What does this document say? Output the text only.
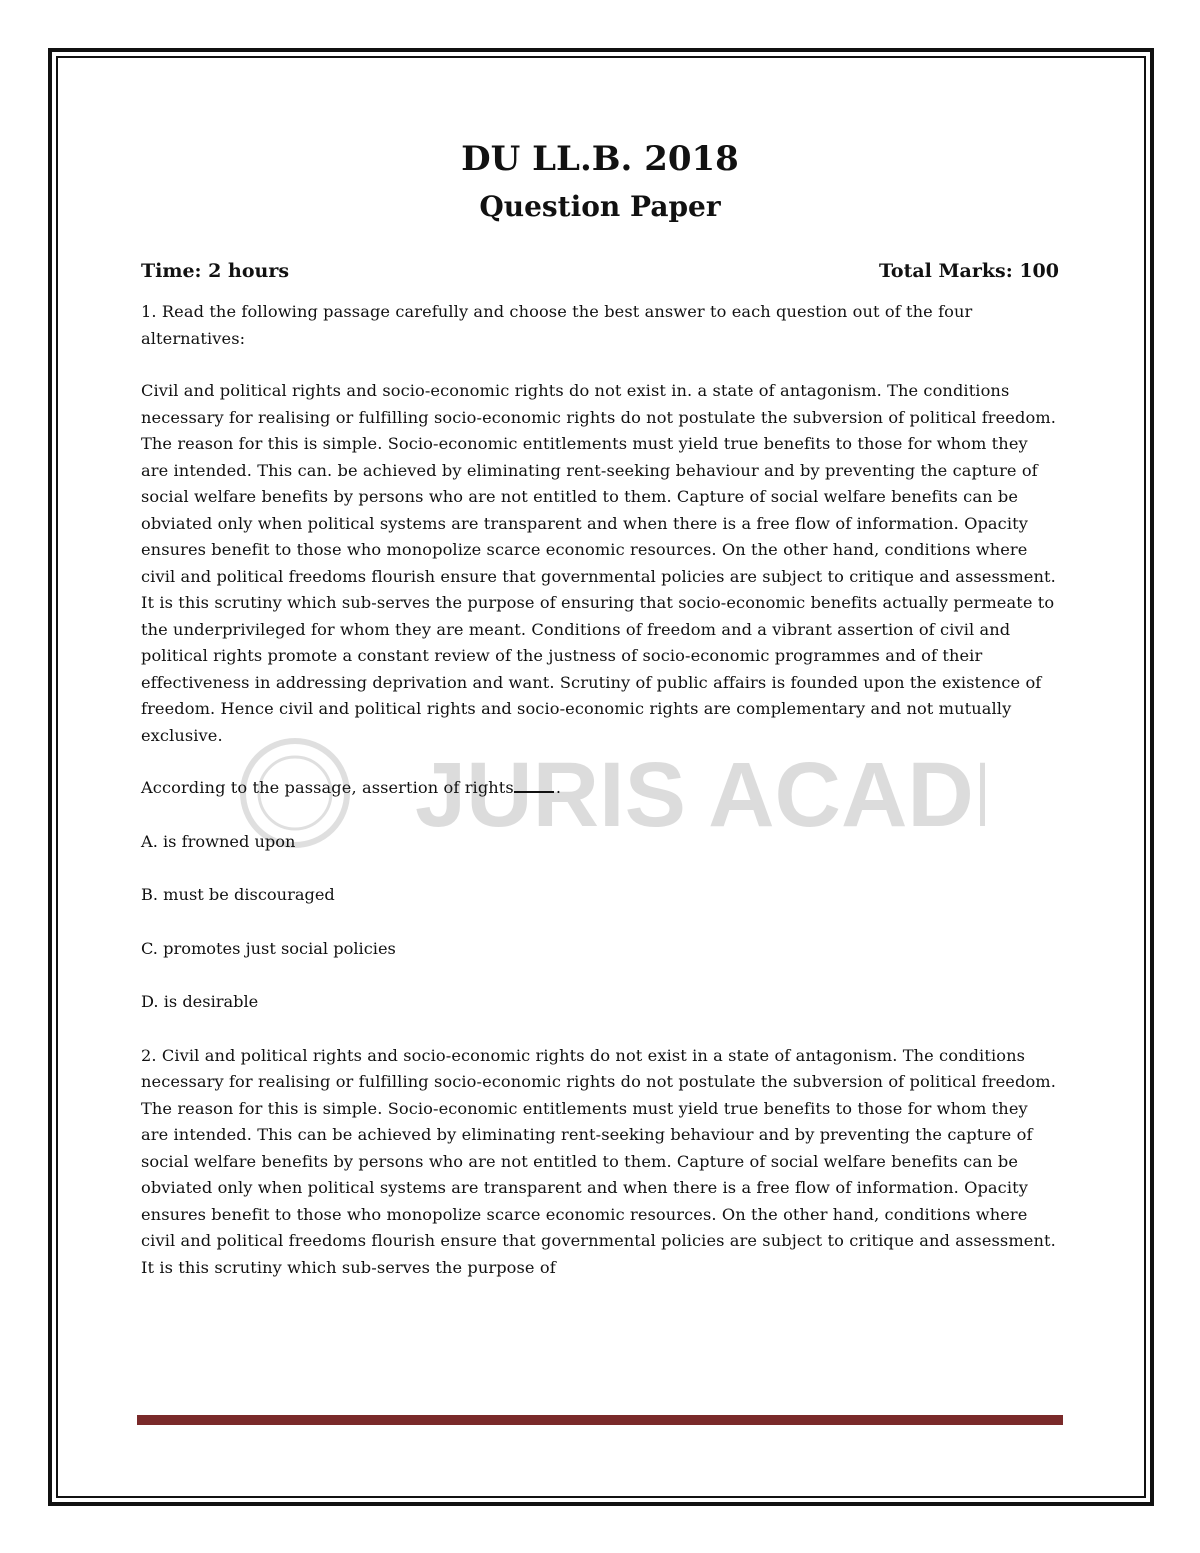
JURIS ACAD
DU LL.B. 2018
Question Paper
Time: 2 hours	Total Marks: 100

1. Read the following passage carefully and choose the best answer to each question out of the four alternatives:

Civil and political rights and socio-economic rights do not exist in. a state of antagonism. The conditions necessary for realising or fulfilling socio-economic rights do not postulate the subversion of political freedom. The reason for this is simple. Socio-economic entitlements must yield true benefits to those for whom they are intended. This can. be achieved by eliminating rent-seeking behaviour and by preventing the capture of social welfare benefits by persons who are not entitled to them. Capture of social welfare benefits can be obviated only when political systems are transparent and when there is a free flow of information. Opacity ensures benefit to those who monopolize scarce economic resources. On the other hand, conditions where civil and political freedoms flourish ensure that governmental policies are subject to critique and assessment. It is this scrutiny which sub-serves the purpose of ensuring that socio-economic benefits actually permeate to the underprivileged for whom they are meant. Conditions of freedom and a vibrant assertion of civil and political rights promote a constant review of the justness of socio-economic programmes and of their effectiveness in addressing deprivation and want. Scrutiny of public affairs is founded upon the existence of freedom. Hence civil and political rights and socio-economic rights are complementary and not mutually exclusive.

According to the passage, assertion of rights	.

A. is frowned upon

B. must be discouraged

C. promotes just social policies

D. is desirable

2. Civil and political rights and socio-economic rights do not exist in a state of antagonism. The conditions necessary for realising or fulfilling socio-economic rights do not postulate the subversion of political freedom. The reason for this is simple. Socio-economic entitlements must yield true benefits to those for whom they are intended. This can be achieved by eliminating rent-seeking behaviour and by preventing the capture of social welfare benefits by persons who are not entitled to them. Capture of social welfare benefits can be obviated only when political systems are transparent and when there is a free flow of information. Opacity ensures benefit to those who monopolize scarce economic resources. On the other hand, conditions where civil and political freedoms flourish ensure that governmental policies are subject to critique and assessment. It is this scrutiny which sub-serves the purpose of
